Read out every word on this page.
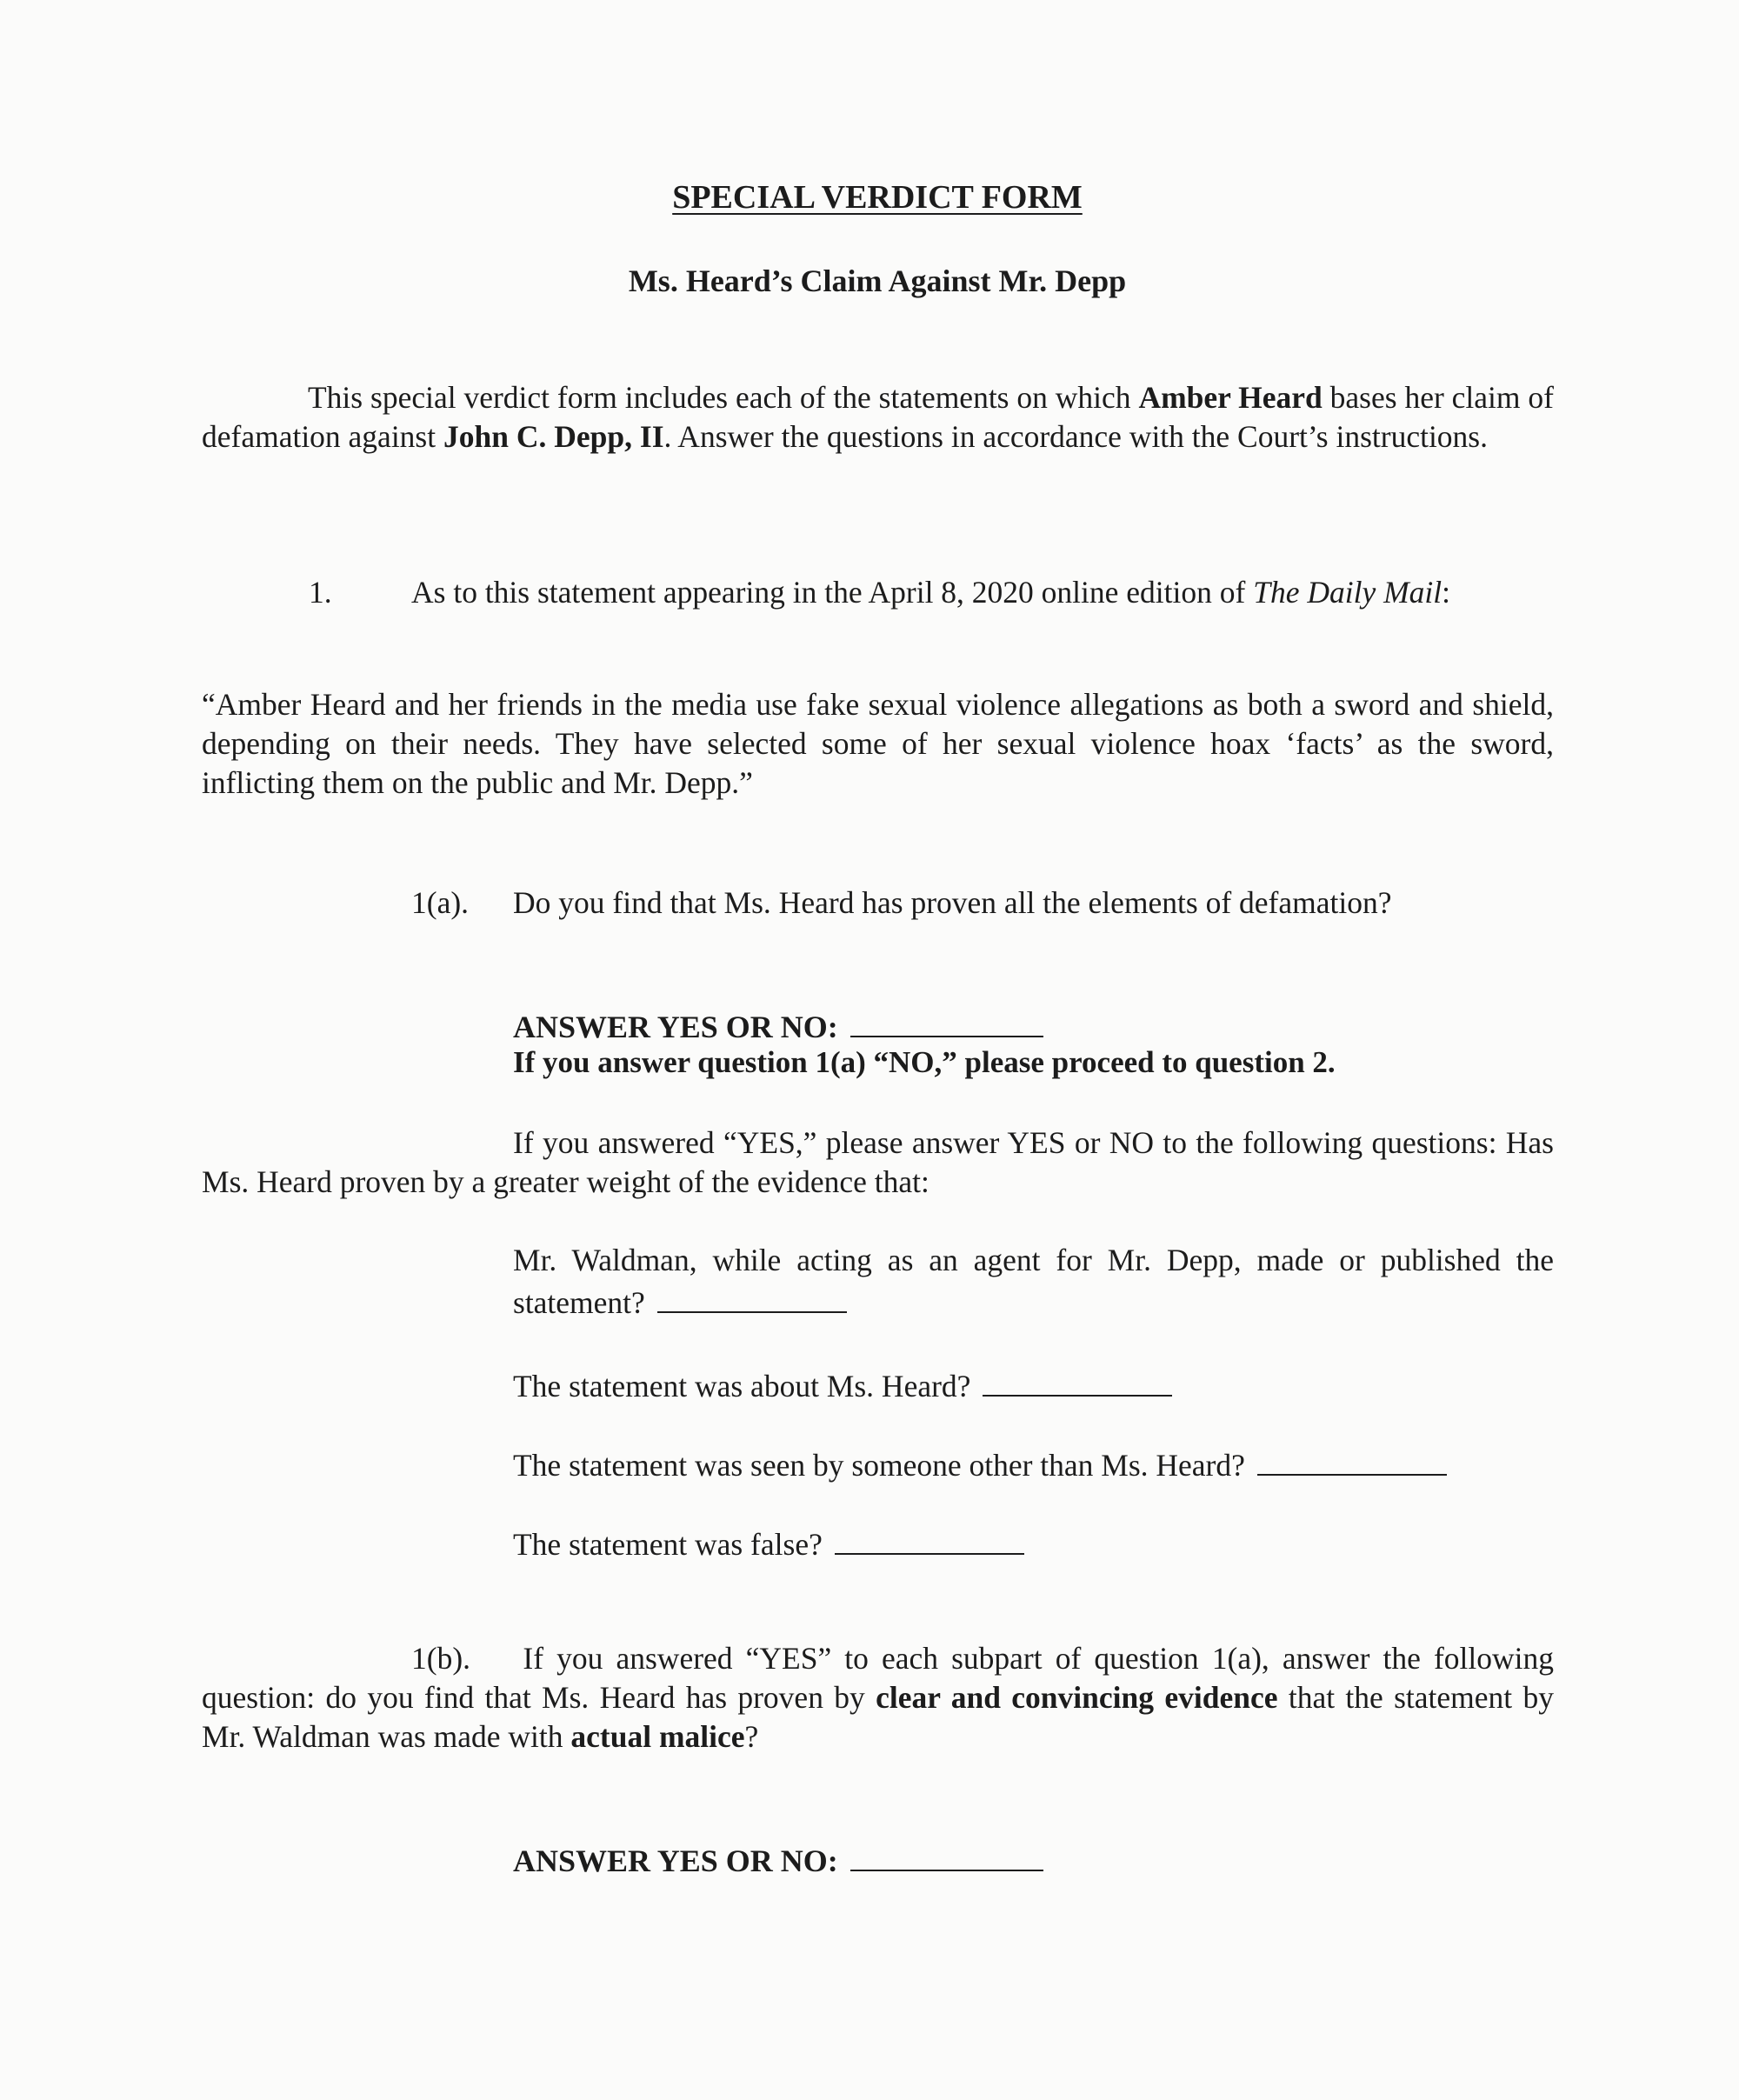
SPECIAL VERDICT FORM

Ms. Heard’s Claim Against Mr. Depp

This special verdict form includes each of the statements on which Amber Heard bases her claim of defamation against John C. Depp, II. Answer the questions in accordance with the Court’s instructions.

1.	As to this statement appearing in the April 8, 2020 online edition of The Daily Mail:

“Amber Heard and her friends in the media use fake sexual violence allegations as both a sword and shield, depending on their needs. They have selected some of her sexual violence hoax ‘facts’ as the sword, inflicting them on the public and Mr. Depp.”

1(a). Do you find that Ms. Heard has proven all the elements of defamation?

ANSWER YES OR NO:

If you answer question 1(a) “NO,” please proceed to question 2.

If you answered “YES,” please answer YES or NO to the following questions: Has Ms. Heard proven by a greater weight of the evidence that:

Mr. Waldman, while acting as an agent for Mr. Depp, made or published the statement?

The statement was about Ms. Heard?

The statement was seen by someone other than Ms. Heard?

The statement was false?

1(b). If you answered “YES” to each subpart of question 1(a), answer the following question: do you find that Ms. Heard has proven by clear and convincing evidence that the statement by Mr. Waldman was made with actual malice?

ANSWER YES OR NO:
